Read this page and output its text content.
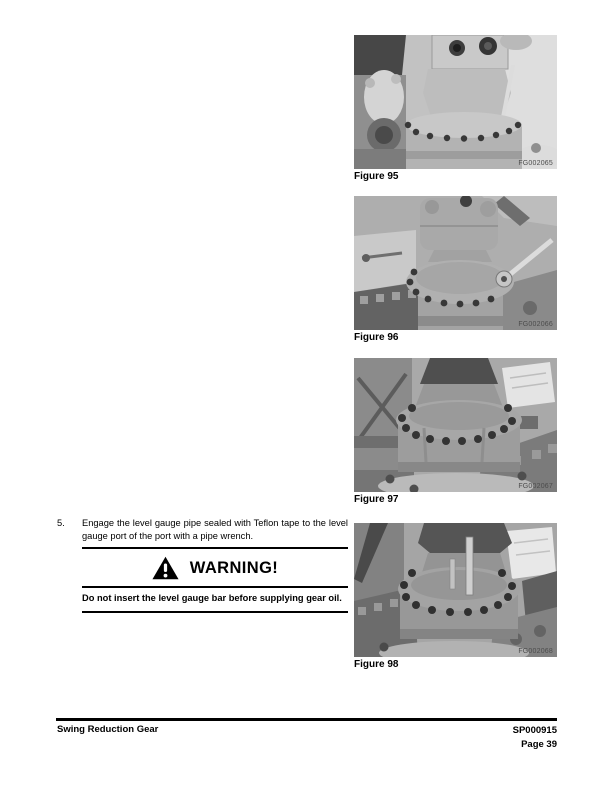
5.	Engage the level gauge pipe sealed with Teflon tape to the level gauge port of the port with a pipe wrench.

WARNING!

Do not insert the level gauge bar before supplying gear oil.

FG002065
Figure 95
FG002066
Figure 96
FG002067
Figure 97
FG002068
Figure 98
Swing Reduction Gear	SP000915
Page 39
